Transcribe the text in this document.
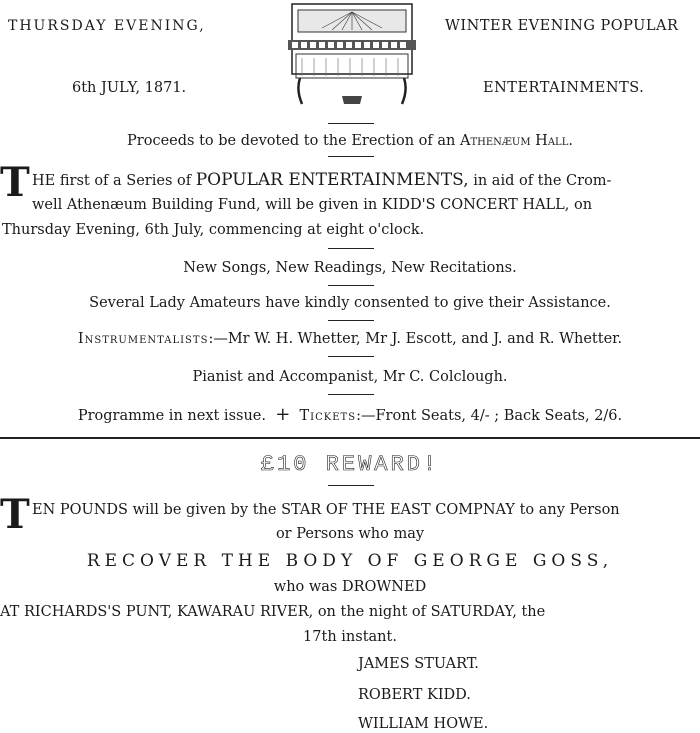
THURSDAY EVENING,
6th JULY, 1871.
WINTER EVENING POPULAR
ENTERTAINMENTS.
Proceeds to be devoted to the Erection of an Athenæum Hall.
T HE first of a Series of POPULAR ENTERTAINMENTS, in aid of the Crom-
well Athenæum Building Fund, will be given in KIDD'S CONCERT HALL, on
Thursday Evening, 6th July, commencing at eight o'clock.
New Songs, New Readings, New Recitations.
Several Lady Amateurs have kindly consented to give their Assistance.
Instrumentalists:—Mr W. H. Whetter, Mr J. Escott, and J. and R. Whetter.
Pianist and Accompanist, Mr C. Colclough.
Programme in next issue. + Tickets:—Front Seats, 4/- ; Back Seats, 2/6.
£10 REWARD!
T EN POUNDS will be given by the STAR OF THE EAST COMPNAY to any Person
or Persons who may
RECOVER THE BODY OF GEORGE GOSS,
who was DROWNED
AT RICHARDS'S PUNT, KAWARAU RIVER, on the night of SATURDAY, the
17th instant.
JAMES STUART.
ROBERT KIDD.
WILLIAM HOWE.
